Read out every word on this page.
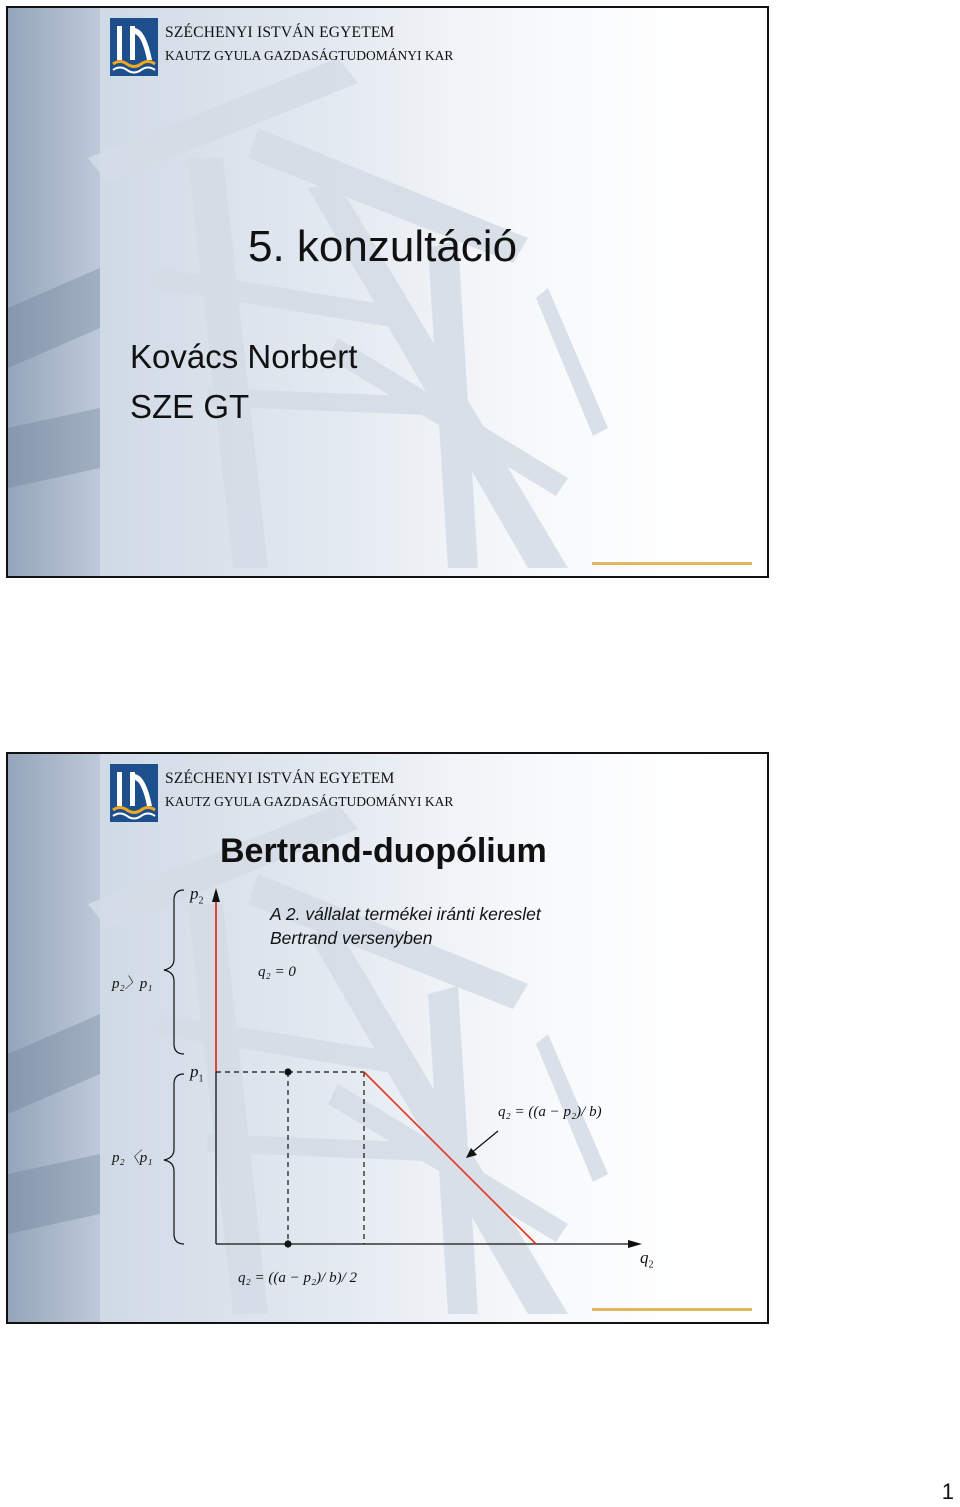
SZÉCHENYI ISTVÁN EGYETEM

KAUTZ GYULA GAZDASÁGTUDOMÁNYI KAR

5. konzultáció

Kovács Norbert

SZE GT

SZÉCHENYI ISTVÁN EGYETEM

KAUTZ GYULA GAZDASÁGTUDOMÁNYI KAR

Bertrand-duopólium

A 2. vállalat termékei iránti kereslet

Bertrand versenyben

$p_2$

$q_2$

$p_1$

p₂〉p₁

p₂〈p₁

q₂ = 0

q₂ = ((a − p₂)/ b)

q₂ = ((a − p₂)/ b)/ 2

1
